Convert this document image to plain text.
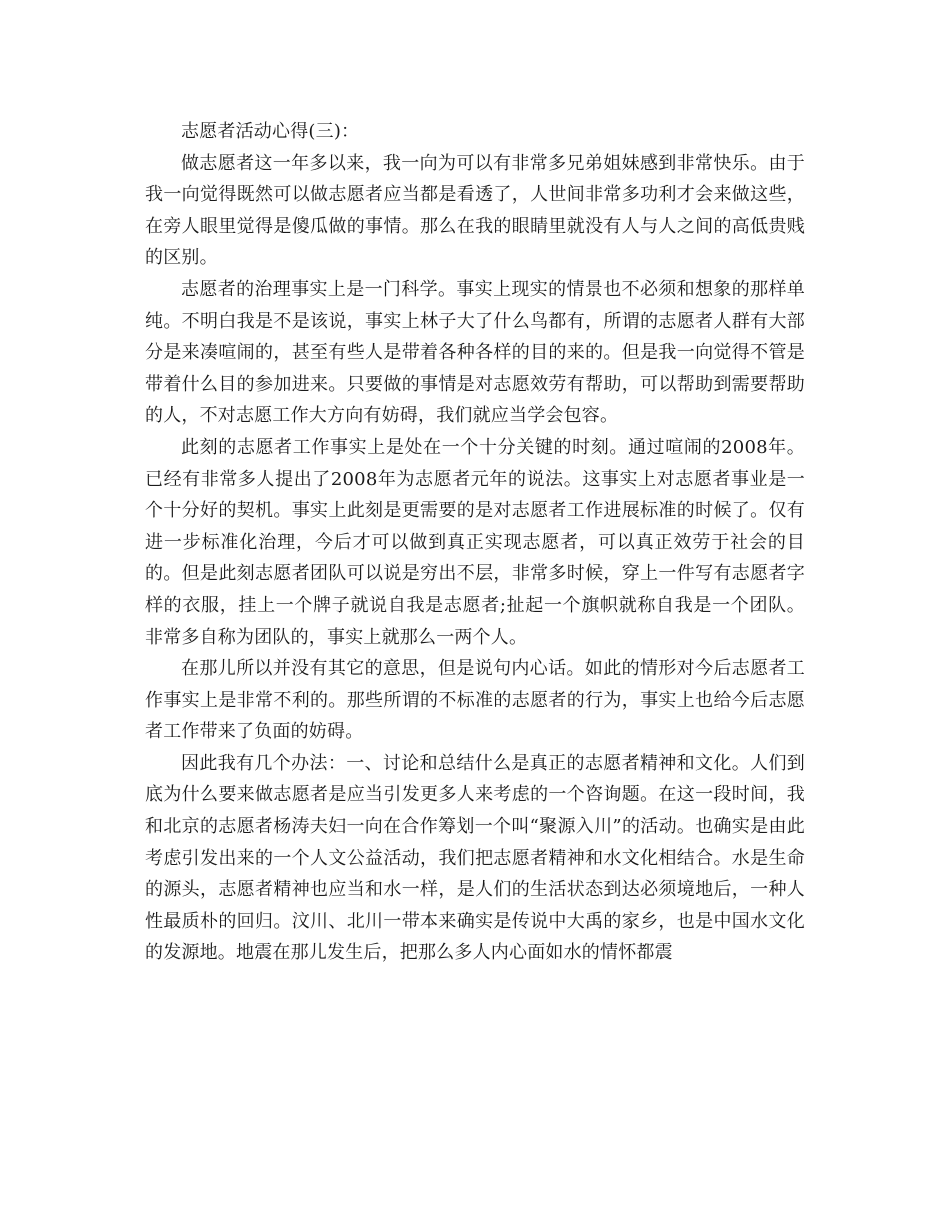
志愿者活动心得(三)：

做志愿者这一年多以来，我一向为可以有非常多兄弟姐妹感到非常快乐。由于我一向觉得既然可以做志愿者应当都是看透了，人世间非常多功利才会来做这些，在旁人眼里觉得是傻瓜做的事情。那么在我的眼睛里就没有人与人之间的高低贵贱的区别。

志愿者的治理事实上是一门科学。事实上现实的情景也不必须和想象的那样单纯。不明白我是不是该说，事实上林子大了什么鸟都有，所谓的志愿者人群有大部分是来凑喧闹的，甚至有些人是带着各种各样的目的来的。但是我一向觉得不管是带着什么目的参加进来。只要做的事情是对志愿效劳有帮助，可以帮助到需要帮助的人，不对志愿工作大方向有妨碍，我们就应当学会包容。

此刻的志愿者工作事实上是处在一个十分关键的时刻。通过喧闹的2008年。已经有非常多人提出了2008年为志愿者元年的说法。这事实上对志愿者事业是一个十分好的契机。事实上此刻是更需要的是对志愿者工作进展标准的时候了。仅有进一步标准化治理，今后才可以做到真正实现志愿者，可以真正效劳于社会的目的。但是此刻志愿者团队可以说是穷出不层，非常多时候，穿上一件写有志愿者字样的衣服，挂上一个牌子就说自我是志愿者;扯起一个旗帜就称自我是一个团队。非常多自称为团队的，事实上就那么一两个人。

在那儿所以并没有其它的意思，但是说句内心话。如此的情形对今后志愿者工作事实上是非常不利的。那些所谓的不标准的志愿者的行为，事实上也给今后志愿者工作带来了负面的妨碍。

因此我有几个办法：一、讨论和总结什么是真正的志愿者精神和文化。人们到底为什么要来做志愿者是应当引发更多人来考虑的一个咨询题。在这一段时间，我和北京的志愿者杨涛夫妇一向在合作筹划一个叫“聚源入川”的活动。也确实是由此考虑引发出来的一个人文公益活动，我们把志愿者精神和水文化相结合。水是生命的源头，志愿者精神也应当和水一样，是人们的生活状态到达必须境地后，一种人性最质朴的回归。汶川、北川一带本来确实是传说中大禹的家乡，也是中国水文化的发源地。地震在那儿发生后，把那么多人内心面如水的情怀都震
